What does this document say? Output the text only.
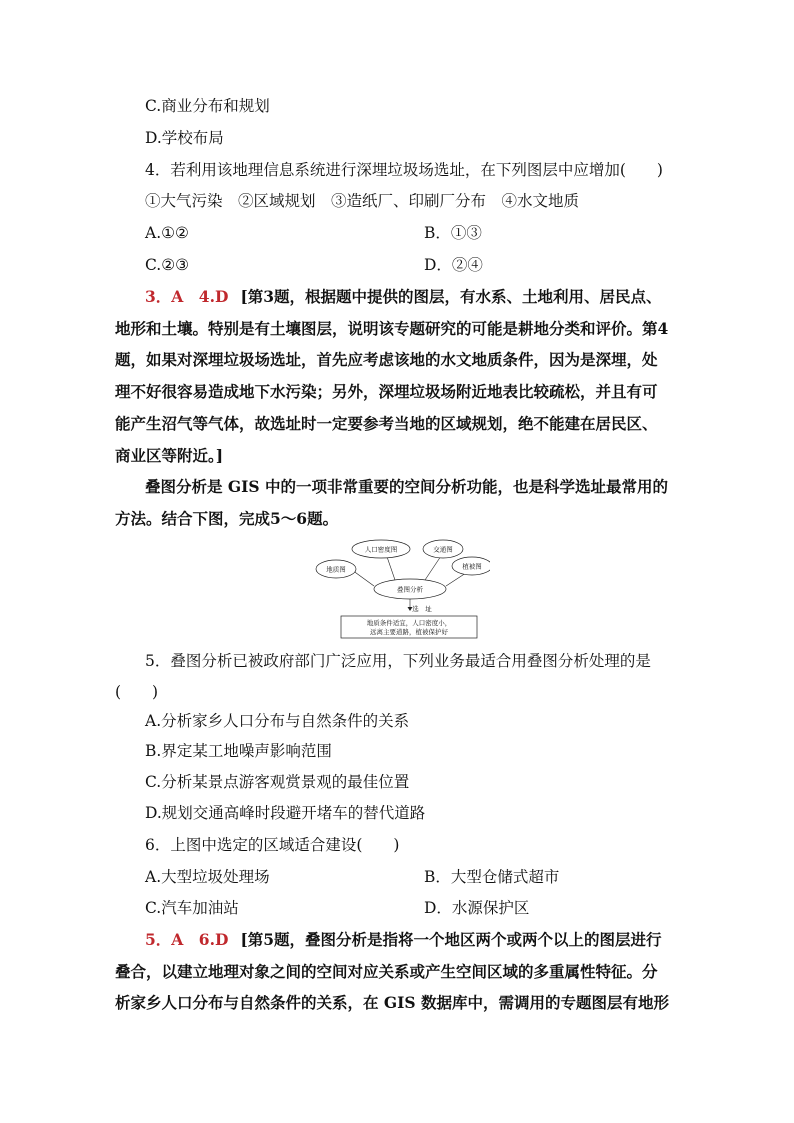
C.商业分布和规划
D.学校布局
4．若利用该地理信息系统进行深埋垃圾场选址，在下列图层中应增加(　　)
①大气污染　②区域规划　③造纸厂、印刷厂分布　④水文地质
A.①②	B．①③
C.②③	D．②④
3．A　4.D [第3题，根据题中提供的图层，有水系、土地利用、居民点、
地形和土壤。特别是有土壤图层，说明该专题研究的可能是耕地分类和评价。第4
题，如果对深埋垃圾场选址，首先应考虑该地的水文地质条件，因为是深埋，处
理不好很容易造成地下水污染；另外，深埋垃圾场附近地表比较疏松，并且有可
能产生沼气等气体，故选址时一定要参考当地的区域规划，绝不能建在居民区、
商业区等附近。]
叠图分析是 GIS 中的一项非常重要的空间分析功能，也是科学选址最常用的
方法。结合下图，完成5～6题。
人口密度图	交通图
地质图	植被图
叠图分析
选　址
地质条件适宜，人口密度小，
远离主要道路，植被保护好
5．叠图分析已被政府部门广泛应用，下列业务最适合用叠图分析处理的是
(　　)
A.分析家乡人口分布与自然条件的关系
B.界定某工地噪声影响范围
C.分析某景点游客观赏景观的最佳位置
D.规划交通高峰时段避开堵车的替代道路
6．上图中选定的区域适合建设(　　)
A.大型垃圾处理场	B．大型仓储式超市
C.汽车加油站	D．水源保护区
5．A　6.D [第5题，叠图分析是指将一个地区两个或两个以上的图层进行
叠合，以建立地理对象之间的空间对应关系或产生空间区域的多重属性特征。分
析家乡人口分布与自然条件的关系，在 GIS 数据库中，需调用的专题图层有地形
